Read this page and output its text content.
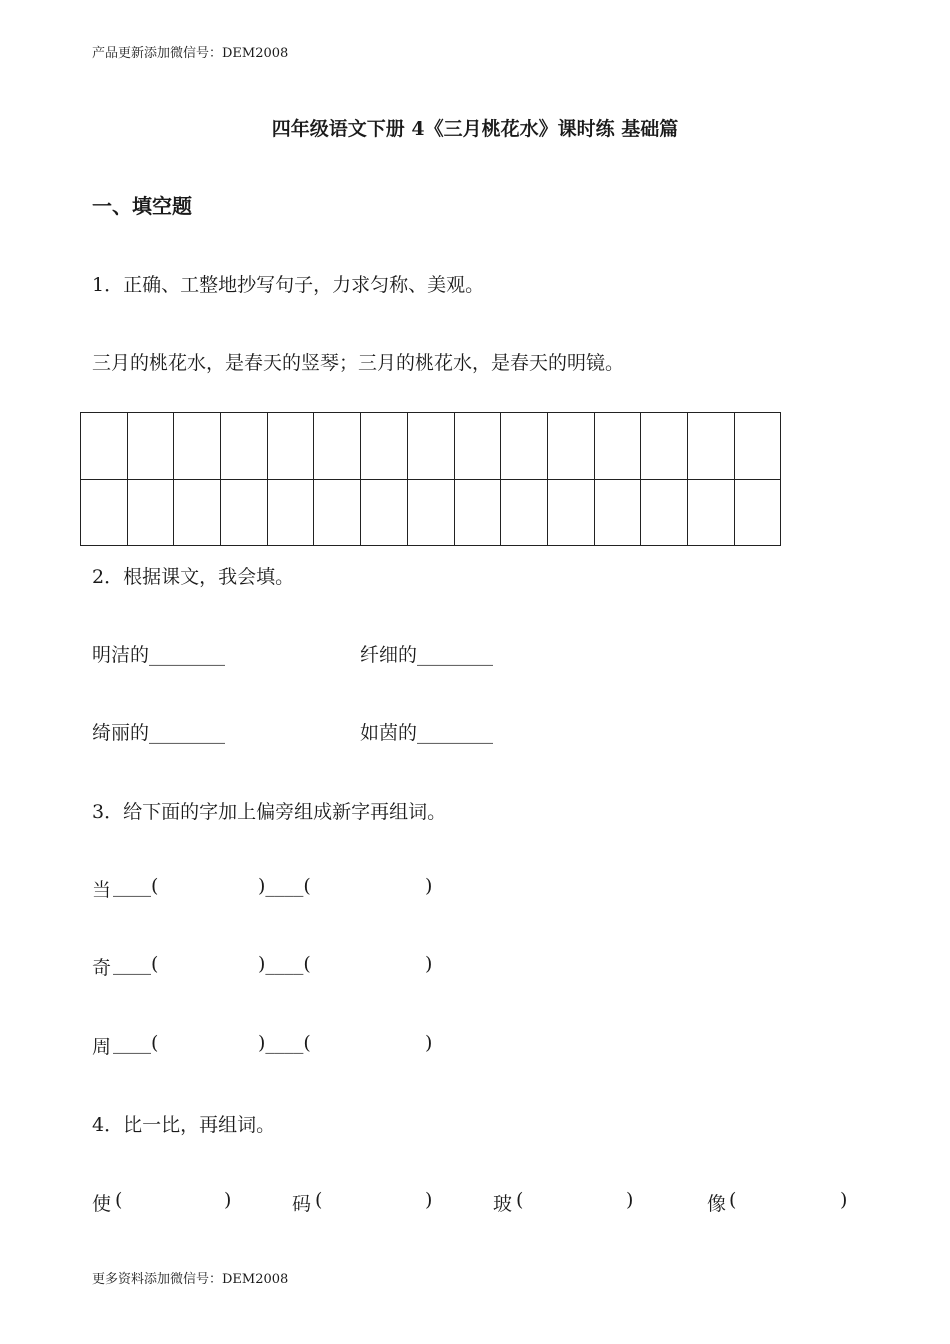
产品更新添加微信号：DEM2008
四年级语文下册 4《三月桃花水》课时练 基础篇
一、填空题
1．正确、工整地抄写句子，力求匀称、美观。
三月的桃花水，是春天的竖琴；三月的桃花水，是春天的明镜。

2．根据课文，我会填。
明洁的________	纤细的________
绮丽的________	如茵的________
3．给下面的字加上偏旁组成新字再组词。
当 ____(	)____(	)
奇 ____(	)____(	)
周 ____(	)____(	)
4．比一比，再组词。
使 (	)	码 (	)	玻 (	)	像 (	)
更多资料添加微信号：DEM2008
